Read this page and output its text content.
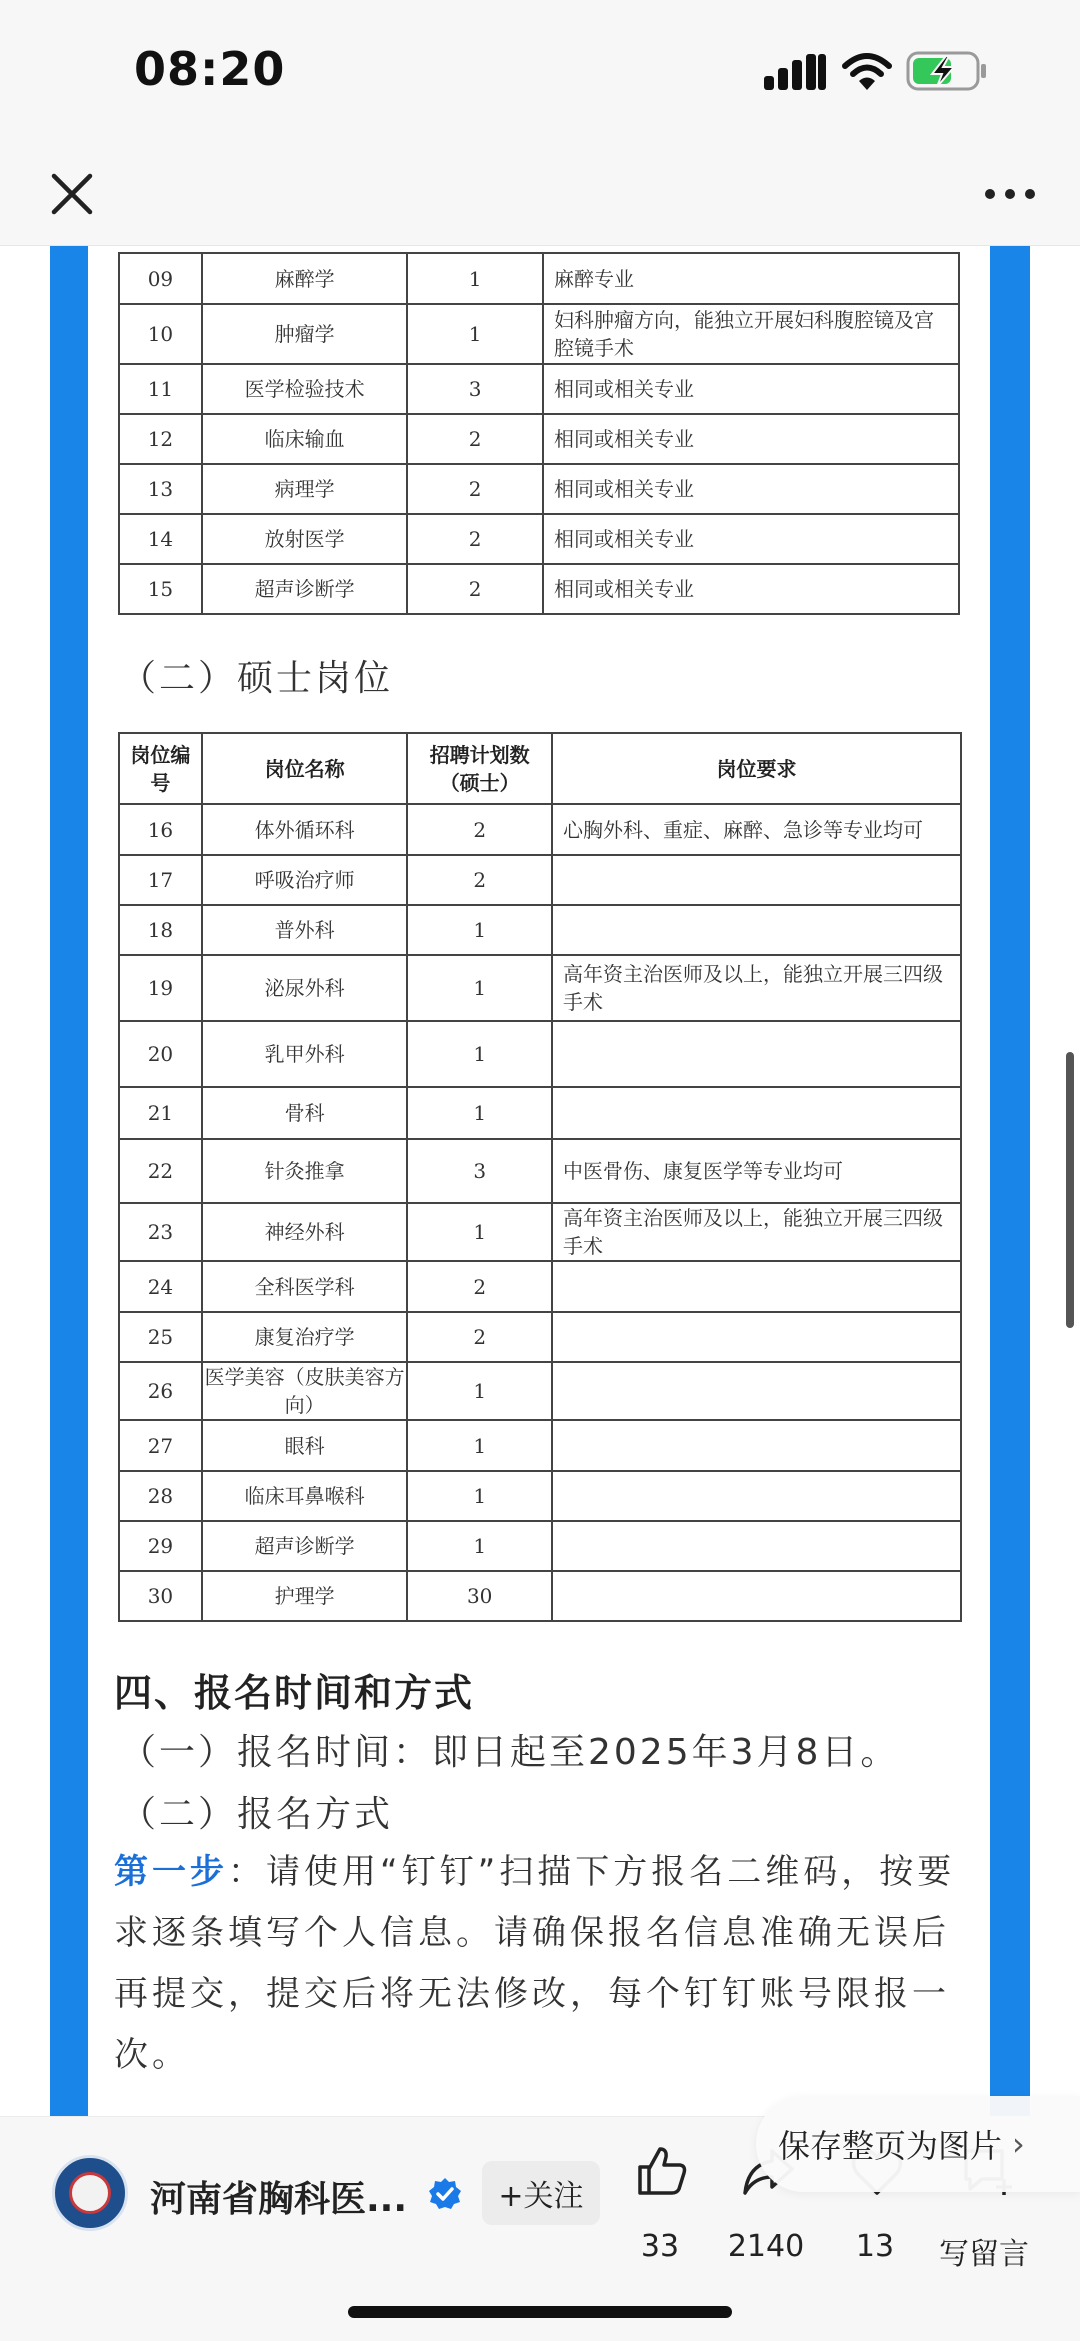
08:20
09	麻醉学	1	麻醉专业
10	肿瘤学	1	妇科肿瘤方向，能独立开展妇科腹腔镜及宫腔镜手术
11	医学检验技术	3	相同或相关专业
12	临床输血	2	相同或相关专业
13	病理学	2	相同或相关专业
14	放射医学	2	相同或相关专业
15	超声诊断学	2	相同或相关专业
（二）硕士岗位
岗位编号	岗位名称	招聘计划数（硕士）	岗位要求
16	体外循环科	2	心胸外科、重症、麻醉、急诊等专业均可
17	呼吸治疗师	2	
18	普外科	1	
19	泌尿外科	1	高年资主治医师及以上，能独立开展三四级手术
20	乳甲外科	1	
21	骨科	1	
22	针灸推拿	3	中医骨伤、康复医学等专业均可
23	神经外科	1	高年资主治医师及以上，能独立开展三四级手术
24	全科医学科	2	
25	康复治疗学	2	
26	医学美容（皮肤美容方向）	1	
27	眼科	1	
28	临床耳鼻喉科	1	
29	超声诊断学	1	
30	护理学	30	
四、报名时间和方式
（一）报名时间：即日起至2025年3月8日。
（二）报名方式
第一步：请使用“钉钉”扫描下方报名二维码，按要求逐条填写个人信息。请确保报名信息准确无误后再提交，提交后将无法修改，每个钉钉账号限报一次。
河南省胸科医...	+关注
33	2140	13	写留言
保存整页为图片 ›
